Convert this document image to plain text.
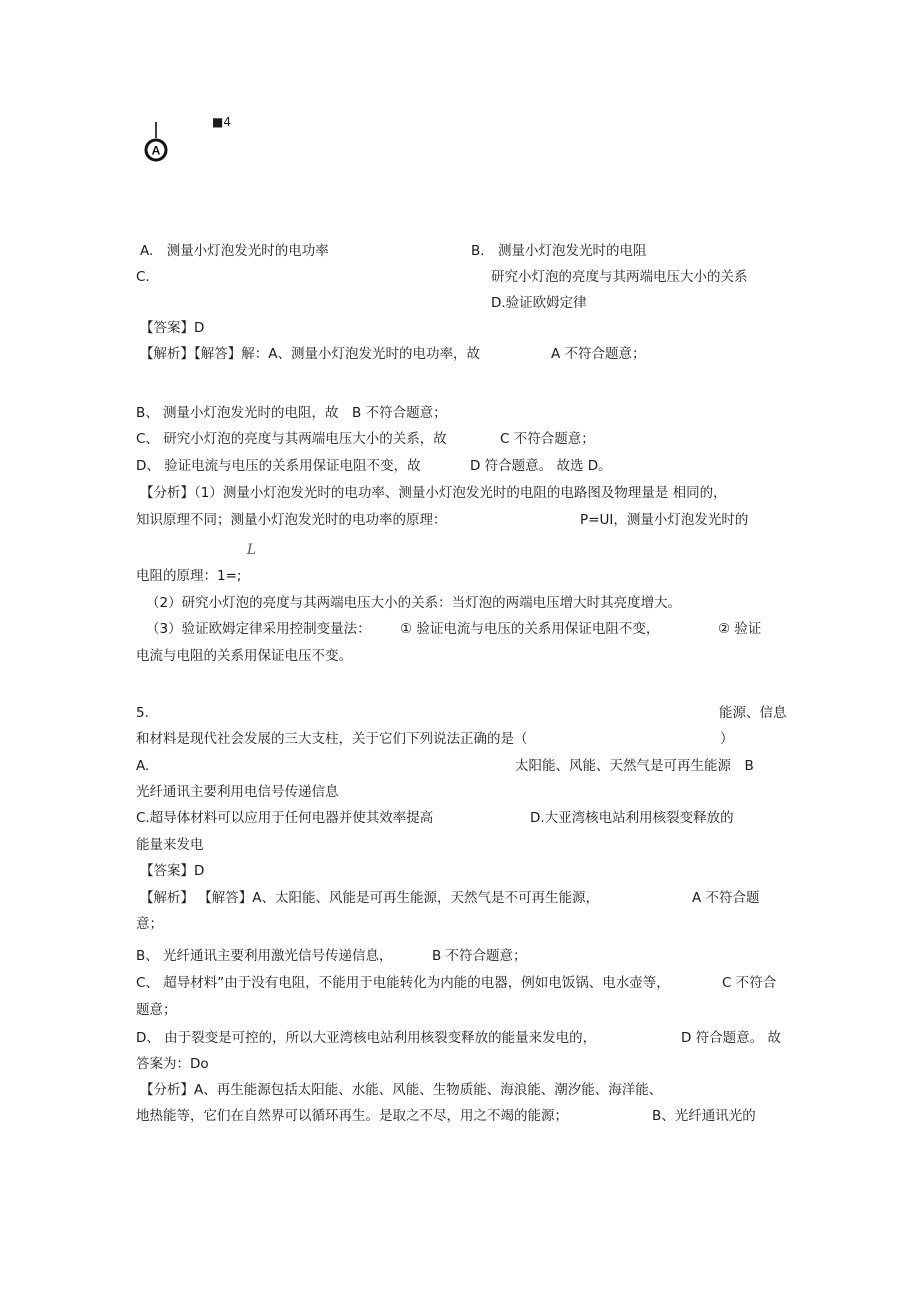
A
■4
A.　测量小灯泡发光时的电功率	B.　测量小灯泡发光时的电阻
C.	研究小灯泡的亮度与其两端电压大小的关系
D.验证欧姆定律
【答案】D
【解析】【解答】解：A、测量小灯泡发光时的电功率，故	A 不符合题意；
B、 测量小灯泡发光时的电阻，故　B 不符合题意；
C、 研究小灯泡的亮度与其两端电压大小的关系，故	C 不符合题意；
D、 验证电流与电压的关系用保证电阻不变，故	D 符合题意。 故选 D。
【分析】（1）测量小灯泡发光时的电功率、测量小灯泡发光时的电阻的电路图及物理量是 相同的，
知识原理不同；测量小灯泡发光时的电功率的原理：	P=UI，测量小灯泡发光时的
L
电阻的原理：1=;
（2）研究小灯泡的亮度与其两端电压大小的关系：当灯泡的两端电压增大时其亮度增大。
（3）验证欧姆定律采用控制变量法： ① 验证电流与电压的关系用保证电阻不变，	② 验证
电流与电阻的关系用保证电压不变。
5.	能源、信息
和材料是现代社会发展的三大支柱，关于它们下列说法正确的是（	）
A.	太阳能、风能、天然气是可再生能源　B
光纤通讯主要利用电信号传递信息
C.超导体材料可以应用于任何电器并使其效率提高	D.大亚湾核电站利用核裂变释放的
能量来发电
【答案】D
【解析】 【解答】A、太阳能、风能是可再生能源，天然气是不可再生能源，	A 不符合题
意；
B、 光纤通讯主要利用激光信号传递信息，	B 不符合题意；
C、 超导材料”由于没有电阻，不能用于电能转化为内能的电器，例如电饭锅、电水壶等，	C 不符合
题意；
D、 由于裂变是可控的，所以大亚湾核电站利用核裂变释放的能量来发电的，	D 符合题意。 故
答案为：Do
【分析】A、再生能源包括太阳能、水能、风能、生物质能、海浪能、潮汐能、海洋能、
地热能等，它们在自然界可以循环再生。是取之不尽，用之不竭的能源；	B、光纤通讯光的
